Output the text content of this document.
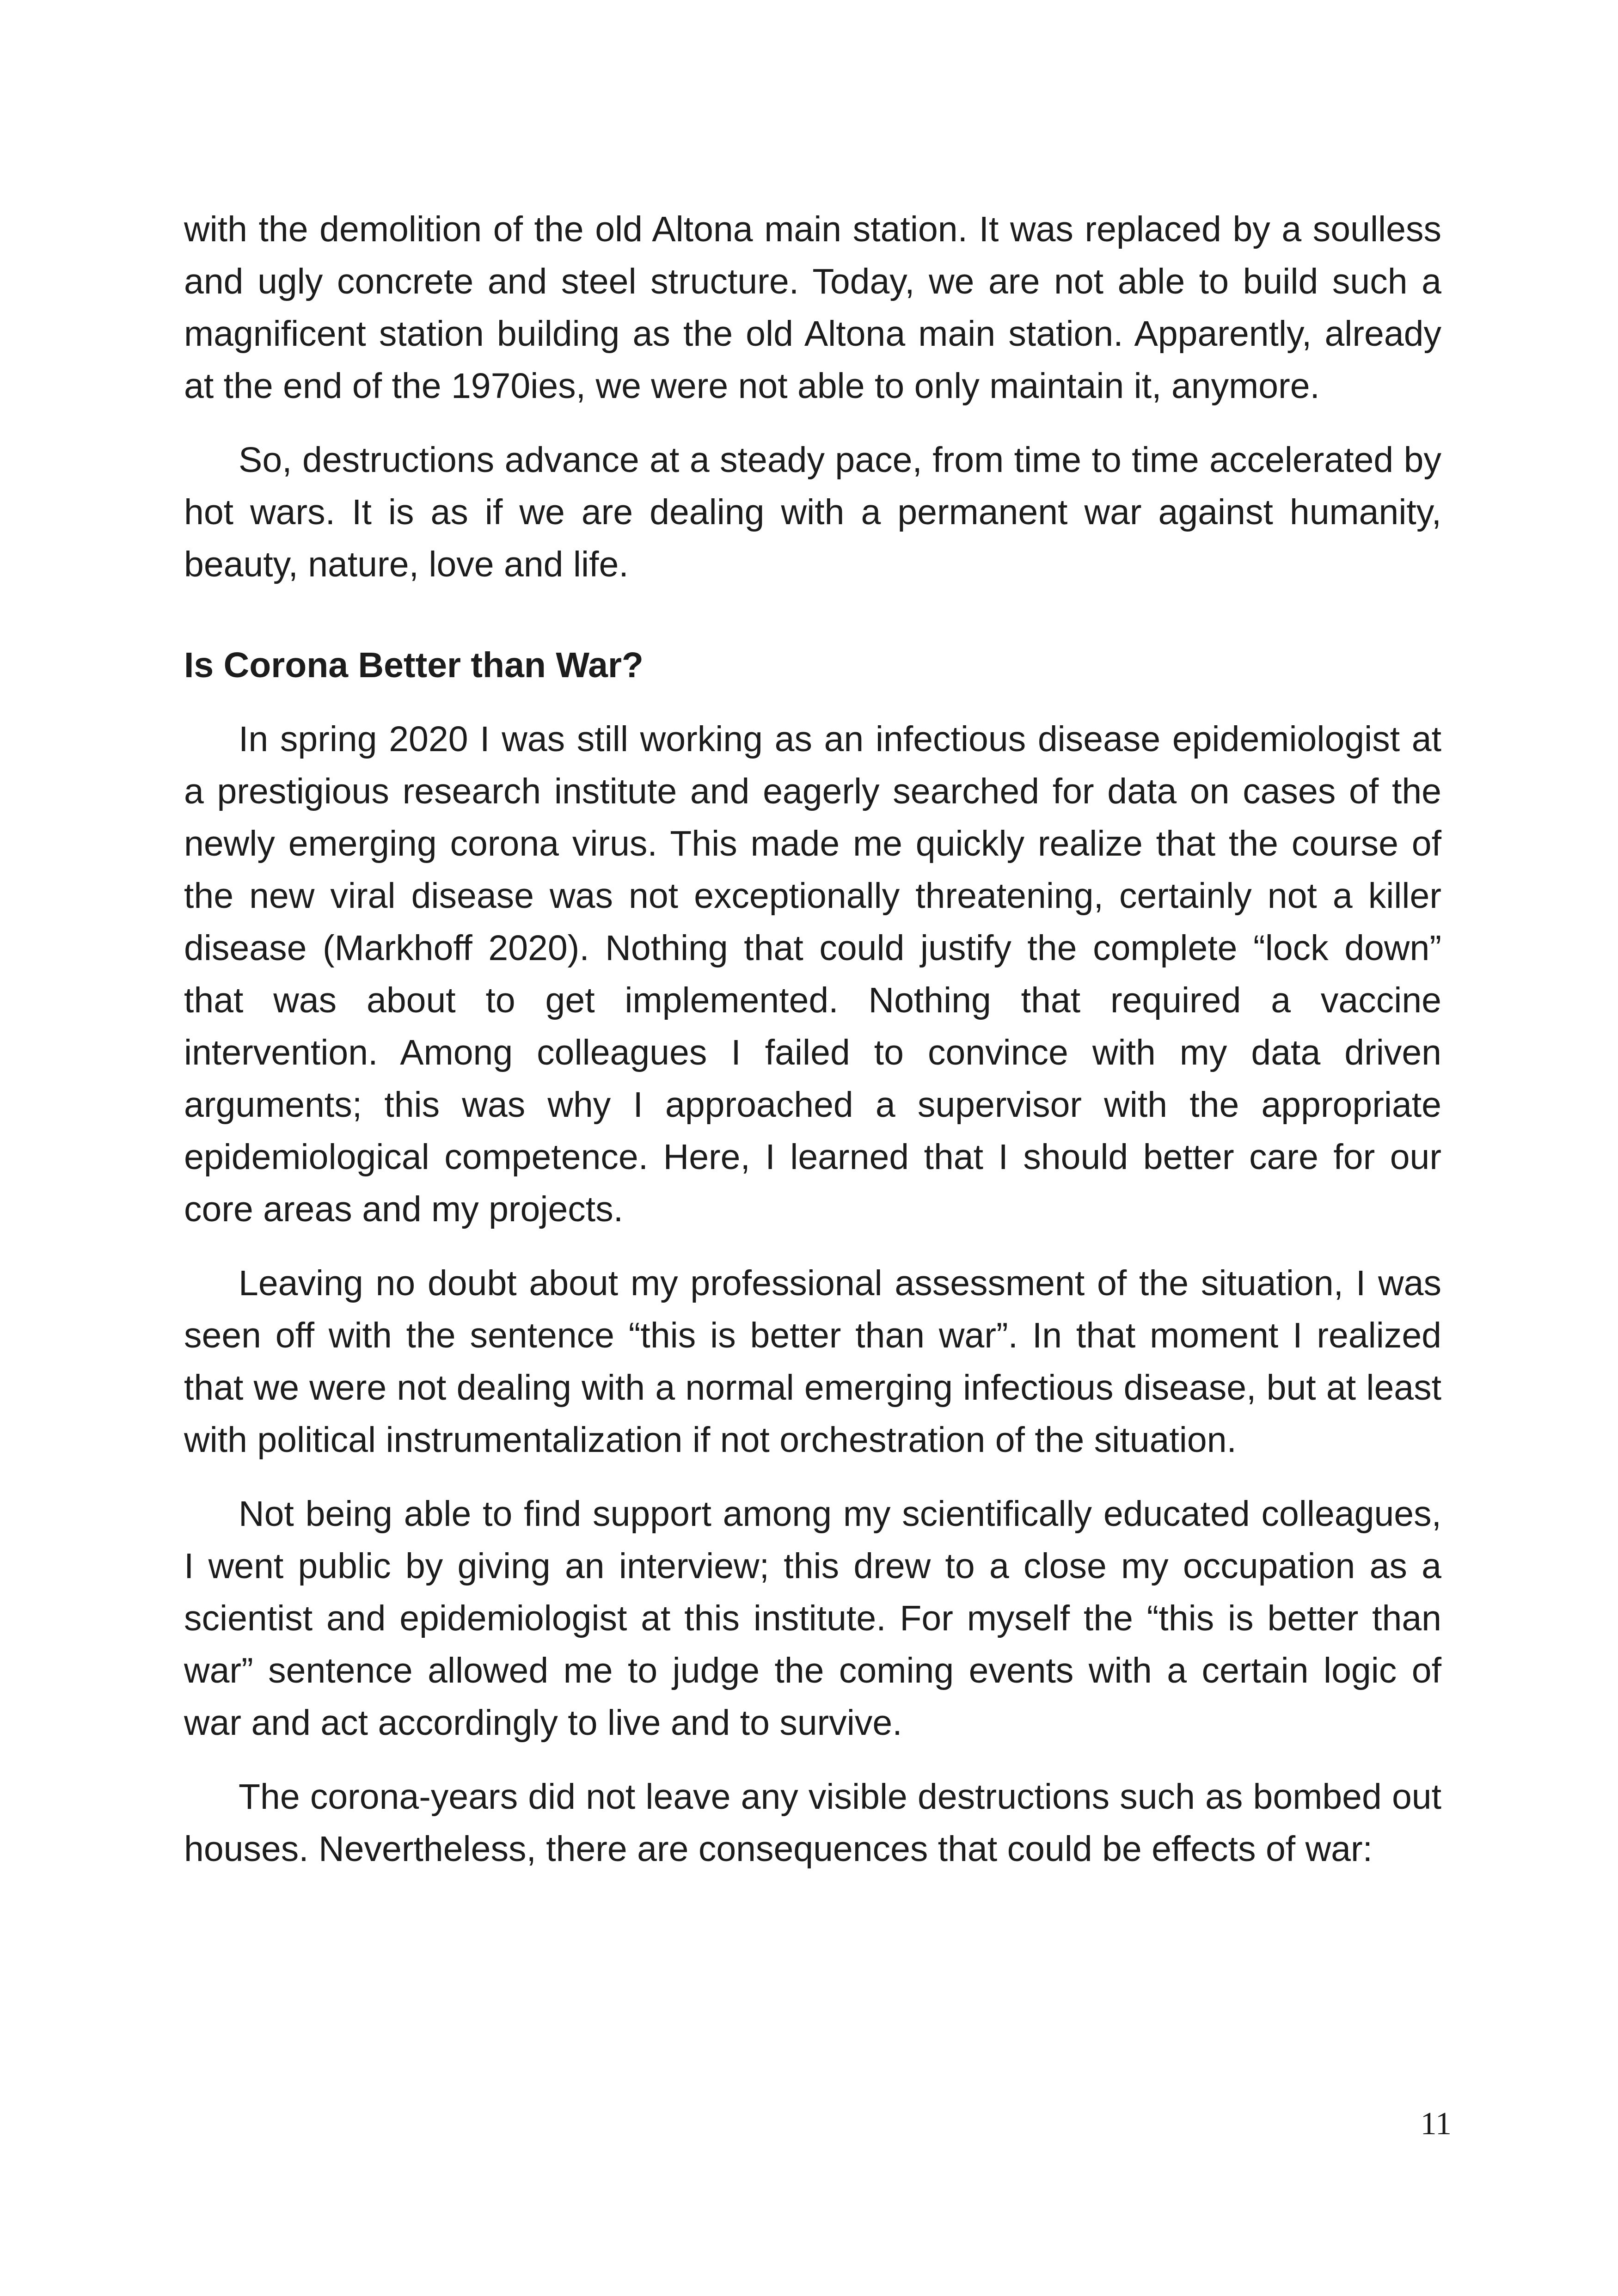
with the demolition of the old Altona main station. It was replaced by a soulless and ugly concrete and steel structure. Today, we are not able to build such a magnificent station building as the old Altona main station. Apparently, already at the end of the 1970ies, we were not able to only maintain it, anymore.

So, destructions advance at a steady pace, from time to time accelerated by hot wars. It is as if we are dealing with a permanent war against humanity, beauty, nature, love and life.

Is Corona Better than War?

In spring 2020 I was still working as an infectious disease epidemiologist at a prestigious research institute and eagerly searched for data on cases of the newly emerging corona virus. This made me quickly realize that the course of the new viral disease was not exceptionally threatening, certainly not a killer disease (Markhoff 2020). Nothing that could justify the complete “lock down” that was about to get implemented. Nothing that required a vaccine intervention. Among colleagues I failed to convince with my data driven arguments; this was why I approached a supervisor with the appropriate epidemiological competence. Here, I learned that I should better care for our core areas and my projects.

Leaving no doubt about my professional assessment of the situation, I was seen off with the sentence “this is better than war”. In that moment I realized that we were not dealing with a normal emerging infectious disease, but at least with political instrumentalization if not orchestration of the situation.

Not being able to find support among my scientifically educated colleagues, I went public by giving an interview; this drew to a close my occupation as a scientist and epidemiologist at this institute. For myself the “this is better than war” sentence allowed me to judge the coming events with a certain logic of war and act accordingly to live and to survive.

The corona-years did not leave any visible destructions such as bombed out houses. Nevertheless, there are consequences that could be effects of war:

11
